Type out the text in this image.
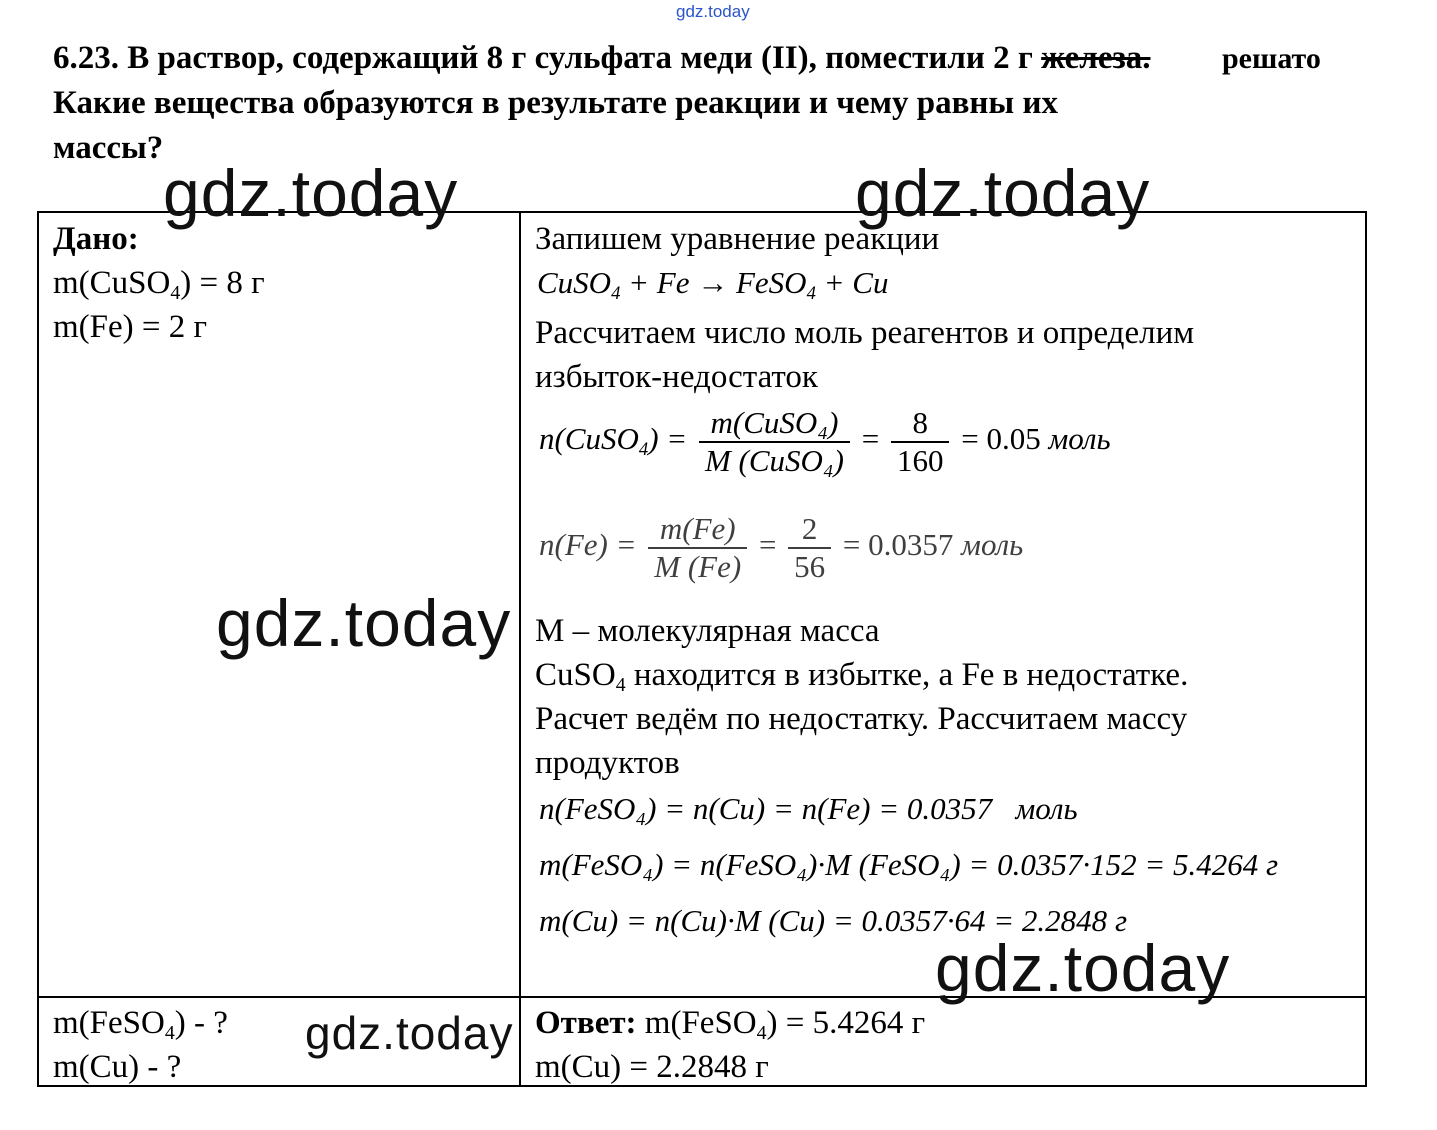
gdz.today
6.23. В раствор, содержащий 8 г сульфата меди (II), поместили 2 г железа.
Какие вещества образуются в результате реакции и чему равны их
массы?
решато
Дано:
m(CuSO$_4$) = 8 г
m(Fe) = 2 г
m(FeSO$_4$) - ?
m(Cu) - ?
Запишем уравнение реакции
CuSO$_4$ + Fe → FeSO$_4$ + Cu
Рассчитаем число моль реагентов и определим
избыток-недостаток
n(CuSO$_4$) = $\frac{\text{m(CuSO₄)}}{\text{M (CuSO₄)}} = \frac{8}{160} = 0.05$ моль
$n(Fe) = \frac{m(Fe)}{M (Fe)} = \frac{2}{56} = 0.0357$ моль
M – молекулярная масса
CuSO$_4$ находится в избытке, а Fe в недостатке.
Расчет ведём по недостатку. Рассчитаем массу
продуктов
n(FeSO₄) = n(Cu) = n(Fe) = 0.0357 моль
m(FeSO₄) = n(FeSO₄)·M (FeSO₄) = 0.0357·152 = 5.4264 г
m(Cu) = n(Cu)·M (Cu) = 0.0357·64 = 2.2848 г
Ответ: m(FeSO$_4$) = 5.4264 г
m(Cu) = 2.2848 г
gdz.today	gdz.today
gdz.today
gdz.today
gdz.today
